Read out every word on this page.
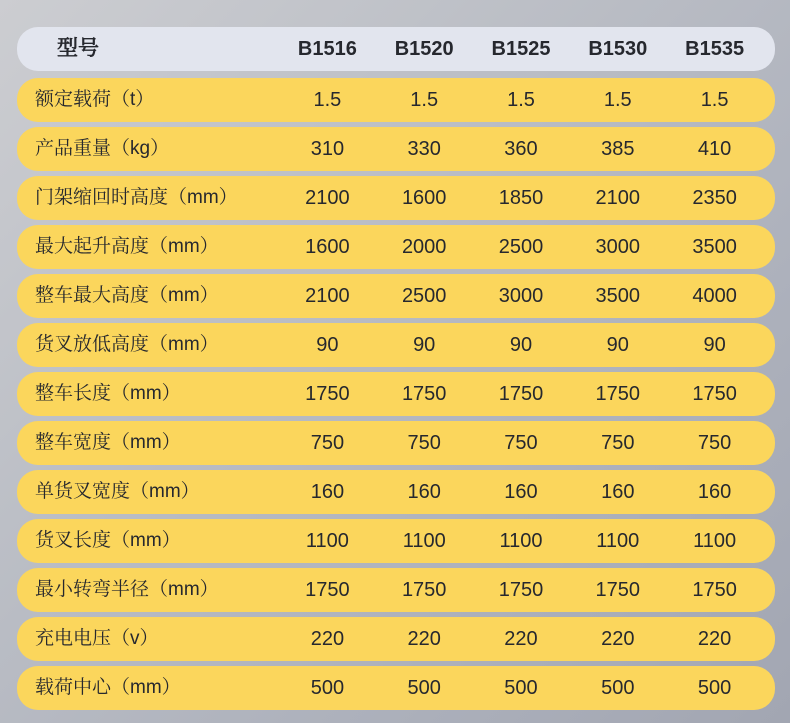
型号	B1516	B1520	B1525	B1530	B1535
额定载荷（t）	1.5	1.5	1.5	1.5	1.5
产品重量（kg）	310	330	360	385	410
门架缩回时高度（mm）	2100	1600	1850	2100	2350
最大起升高度（mm）	1600	2000	2500	3000	3500
整车最大高度（mm）	2100	2500	3000	3500	4000
货叉放低高度（mm）	90	90	90	90	90
整车长度（mm）	1750	1750	1750	1750	1750
整车宽度（mm）	750	750	750	750	750
单货叉宽度（mm）	160	160	160	160	160
货叉长度（mm）	1100	1100	1100	1100	1100
最小转弯半径（mm）	1750	1750	1750	1750	1750
充电电压（v）	220	220	220	220	220
载荷中心（mm）	500	500	500	500	500
